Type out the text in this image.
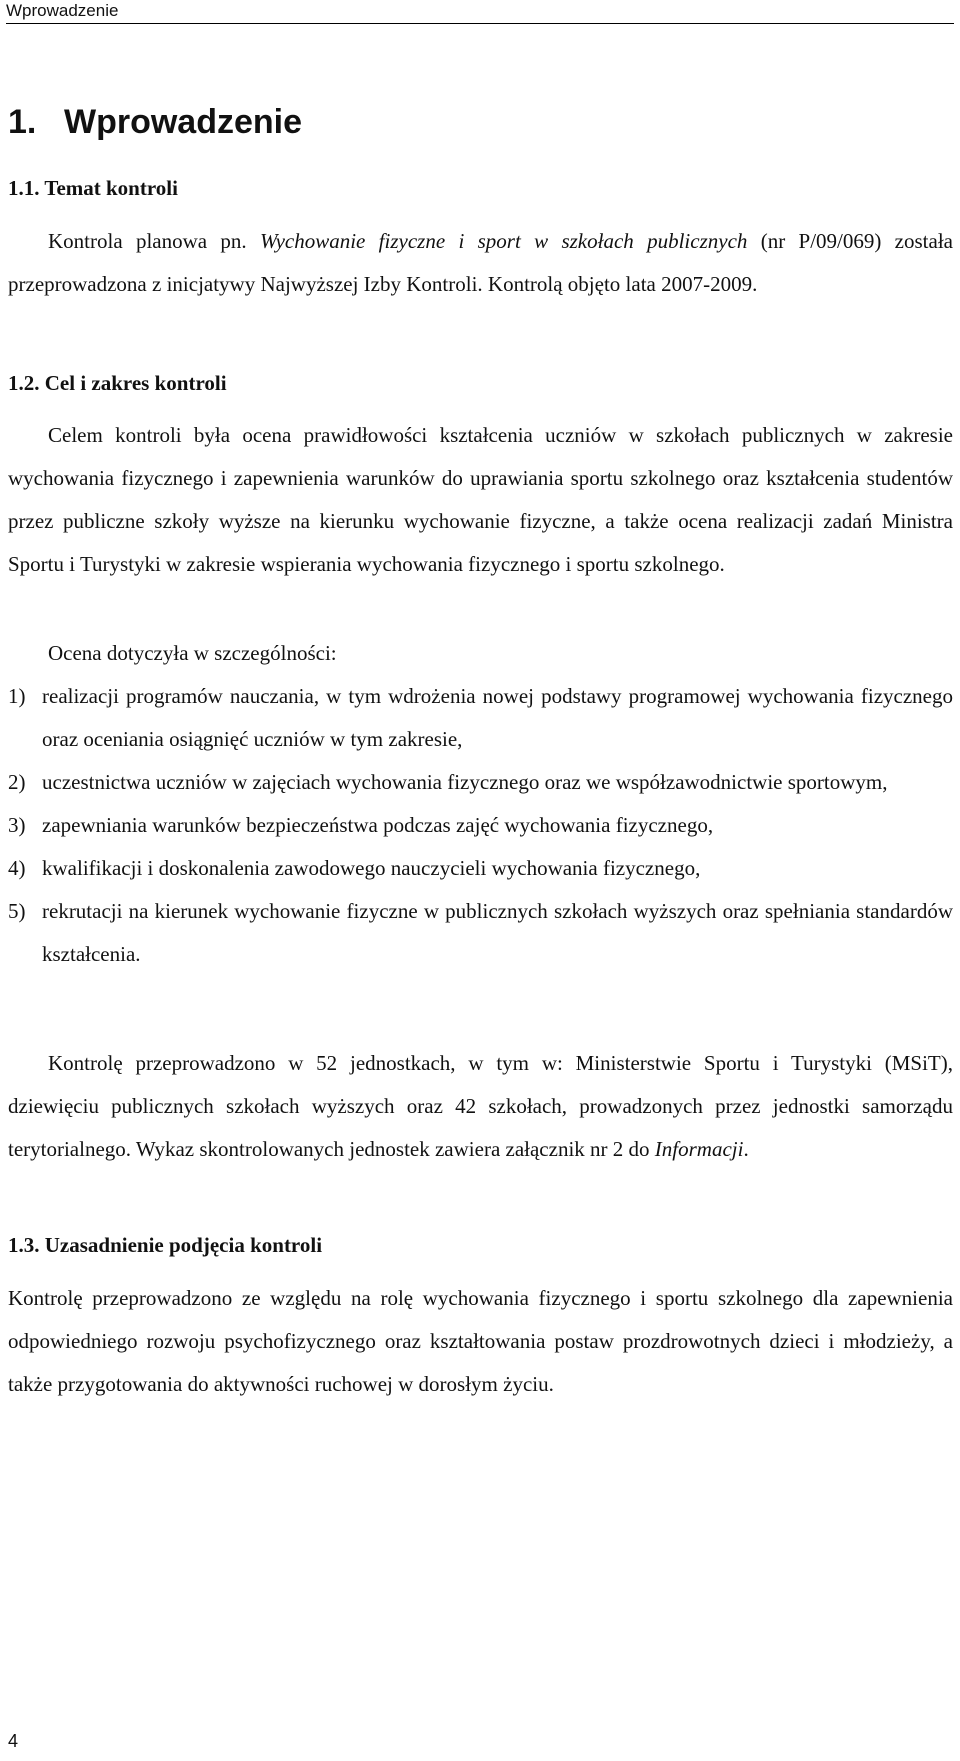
Wprowadzenie
1. Wprowadzenie
1.1. Temat kontroli

Kontrola planowa pn. Wychowanie fizyczne i sport w szkołach publicznych (nr P/09/069) została przeprowadzona z inicjatywy Najwyższej Izby Kontroli. Kontrolą objęto lata 2007-2009.

1.2. Cel i zakres kontroli

Celem kontroli była ocena prawidłowości kształcenia uczniów w szkołach publicznych w zakresie wychowania fizycznego i zapewnienia warunków do uprawiania sportu szkolnego oraz kształcenia studentów przez publiczne szkoły wyższe na kierunku wychowanie fizyczne, a także ocena realizacji zadań Ministra Sportu i Turystyki w zakresie wspierania wychowania fizycznego i sportu szkolnego.

Ocena dotyczyła w szczególności:

1) realizacji programów nauczania, w tym wdrożenia nowej podstawy programowej wychowania fizycznego oraz oceniania osiągnięć uczniów w tym zakresie,
2) uczestnictwa uczniów w zajęciach wychowania fizycznego oraz we współzawodnictwie sportowym,
3) zapewniania warunków bezpieczeństwa podczas zajęć wychowania fizycznego,
4) kwalifikacji i doskonalenia zawodowego nauczycieli wychowania fizycznego,
5) rekrutacji na kierunek wychowanie fizyczne w publicznych szkołach wyższych oraz spełniania standardów kształcenia.

Kontrolę przeprowadzono w 52 jednostkach, w tym w: Ministerstwie Sportu i Turystyki (MSiT), dziewięciu publicznych szkołach wyższych oraz 42 szkołach, prowadzonych przez jednostki samorządu terytorialnego. Wykaz skontrolowanych jednostek zawiera załącznik nr 2 do Informacji.

1.3. Uzasadnienie podjęcia kontroli

Kontrolę przeprowadzono ze względu na rolę wychowania fizycznego i sportu szkolnego dla zapewnienia odpowiedniego rozwoju psychofizycznego oraz kształtowania postaw prozdrowotnych dzieci i młodzieży, a także przygotowania do aktywności ruchowej w dorosłym życiu.

4
